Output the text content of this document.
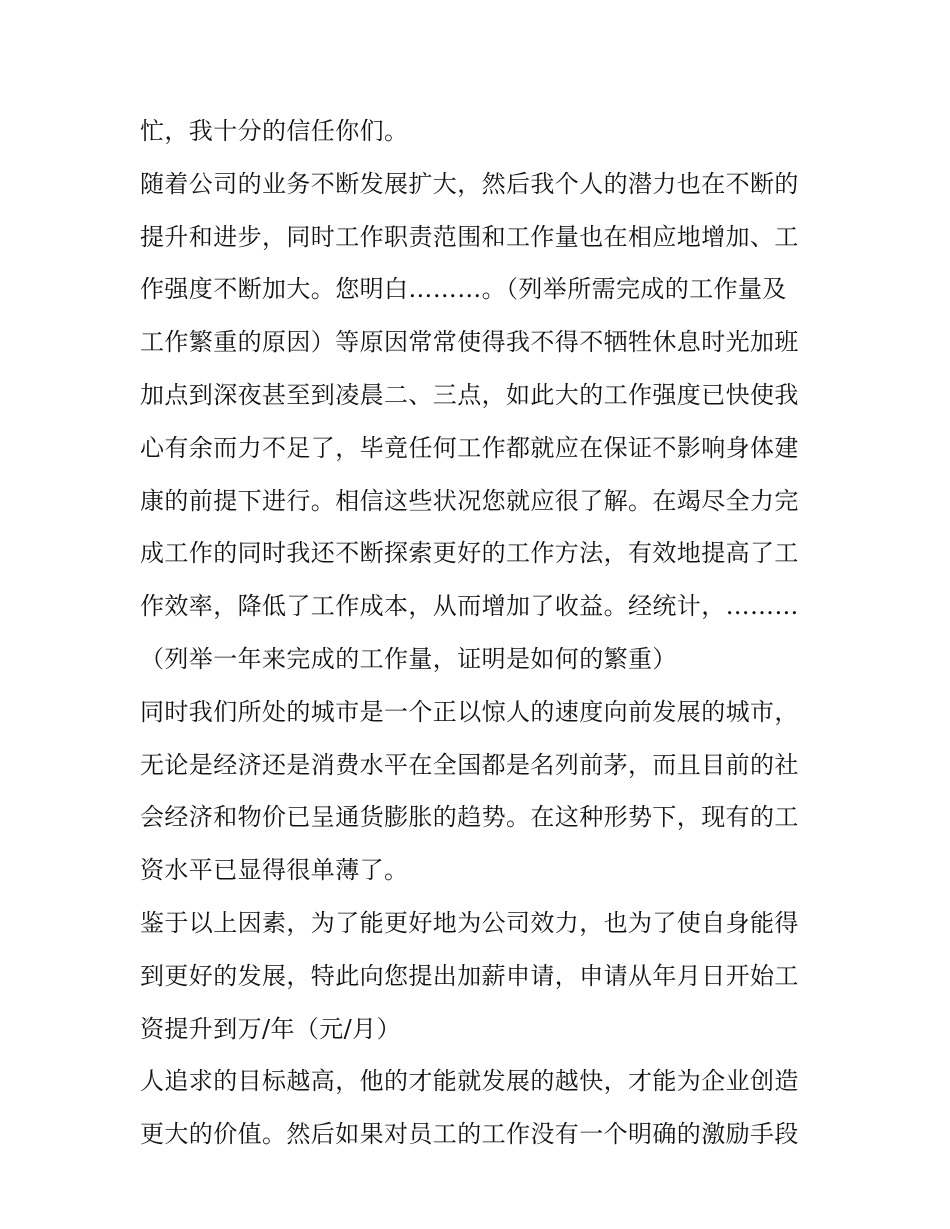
忙，我十分的信任你们。
随着公司的业务不断发展扩大，然后我个人的潜力也在不断的
提升和进步，同时工作职责范围和工作量也在相应地增加、工
作强度不断加大。您明白………。（列举所需完成的工作量及
工作繁重的原因）等原因常常使得我不得不牺牲休息时光加班
加点到深夜甚至到凌晨二、三点，如此大的工作强度已快使我
心有余而力不足了，毕竟任何工作都就应在保证不影响身体建
康的前提下进行。相信这些状况您就应很了解。在竭尽全力完
成工作的同时我还不断探索更好的工作方法，有效地提高了工
作效率，降低了工作成本，从而增加了收益。经统计，………
（列举一年来完成的工作量，证明是如何的繁重）
同时我们所处的城市是一个正以惊人的速度向前发展的城市，
无论是经济还是消费水平在全国都是名列前茅，而且目前的社
会经济和物价已呈通货膨胀的趋势。在这种形势下，现有的工
资水平已显得很单薄了。
鉴于以上因素，为了能更好地为公司效力，也为了使自身能得
到更好的发展，特此向您提出加薪申请，申请从年月日开始工
资提升到万/年（元/月）
人追求的目标越高，他的才能就发展的越快，才能为企业创造
更大的价值。然后如果对员工的工作没有一个明确的激励手段
